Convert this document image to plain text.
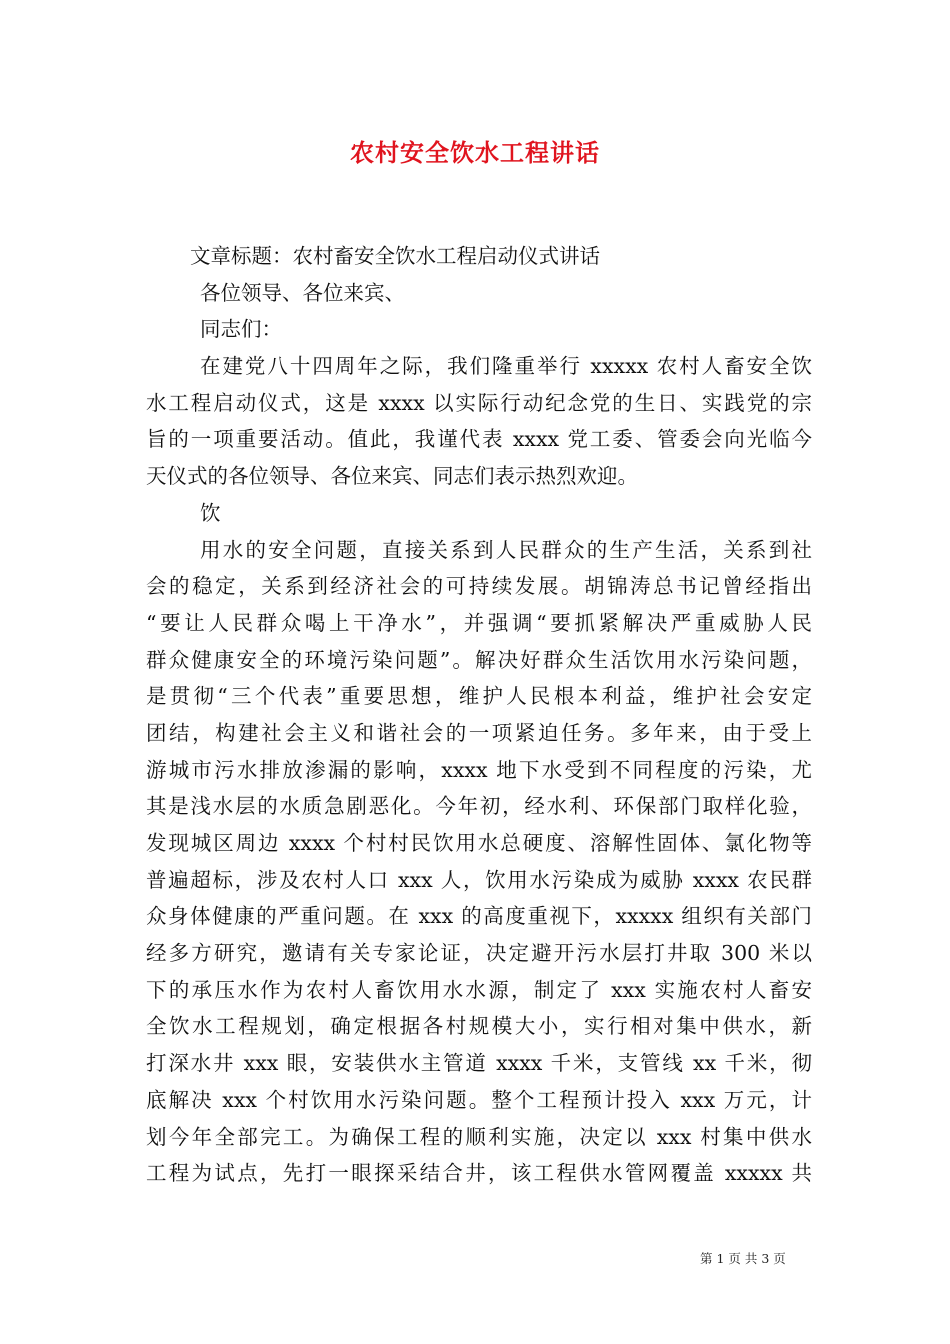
农村安全饮水工程讲话
文章标题：农村畜安全饮水工程启动仪式讲话
各位领导、各位来宾、
同志们：
在建党八十四周年之际，我们隆重举行 xxxxx 农村人畜安全饮
水工程启动仪式，这是 xxxx 以实际行动纪念党的生日、实践党的宗
旨的一项重要活动。值此，我谨代表 xxxx 党工委、管委会向光临今
天仪式的各位领导、各位来宾、同志们表示热烈欢迎。
饮
用水的安全问题，直接关系到人民群众的生产生活，关系到社
会的稳定，关系到经济社会的可持续发展。胡锦涛总书记曾经指出
“要让人民群众喝上干净水”，并强调“要抓紧解决严重威胁人民
群众健康安全的环境污染问题”。解决好群众生活饮用水污染问题，
是贯彻“三个代表”重要思想，维护人民根本利益，维护社会安定
团结，构建社会主义和谐社会的一项紧迫任务。多年来，由于受上
游城市污水排放渗漏的影响，xxxx 地下水受到不同程度的污染，尤
其是浅水层的水质急剧恶化。今年初，经水利、环保部门取样化验，
发现城区周边 xxxx 个村村民饮用水总硬度、溶解性固体、氯化物等
普遍超标，涉及农村人口 xxx 人，饮用水污染成为威胁 xxxx 农民群
众身体健康的严重问题。在 xxx 的高度重视下，xxxxx 组织有关部门
经多方研究，邀请有关专家论证，决定避开污水层打井取 300 米以
下的承压水作为农村人畜饮用水水源，制定了 xxx 实施农村人畜安
全饮水工程规划，确定根据各村规模大小，实行相对集中供水，新
打深水井 xxx 眼，安装供水主管道 xxxx 千米，支管线 xx 千米，彻
底解决 xxx 个村饮用水污染问题。整个工程预计投入 xxx 万元，计
划今年全部完工。为确保工程的顺利实施，决定以 xxx 村集中供水
工程为试点，先打一眼探采结合井，该工程供水管网覆盖 xxxxx 共
第 1 页 共 3 页
